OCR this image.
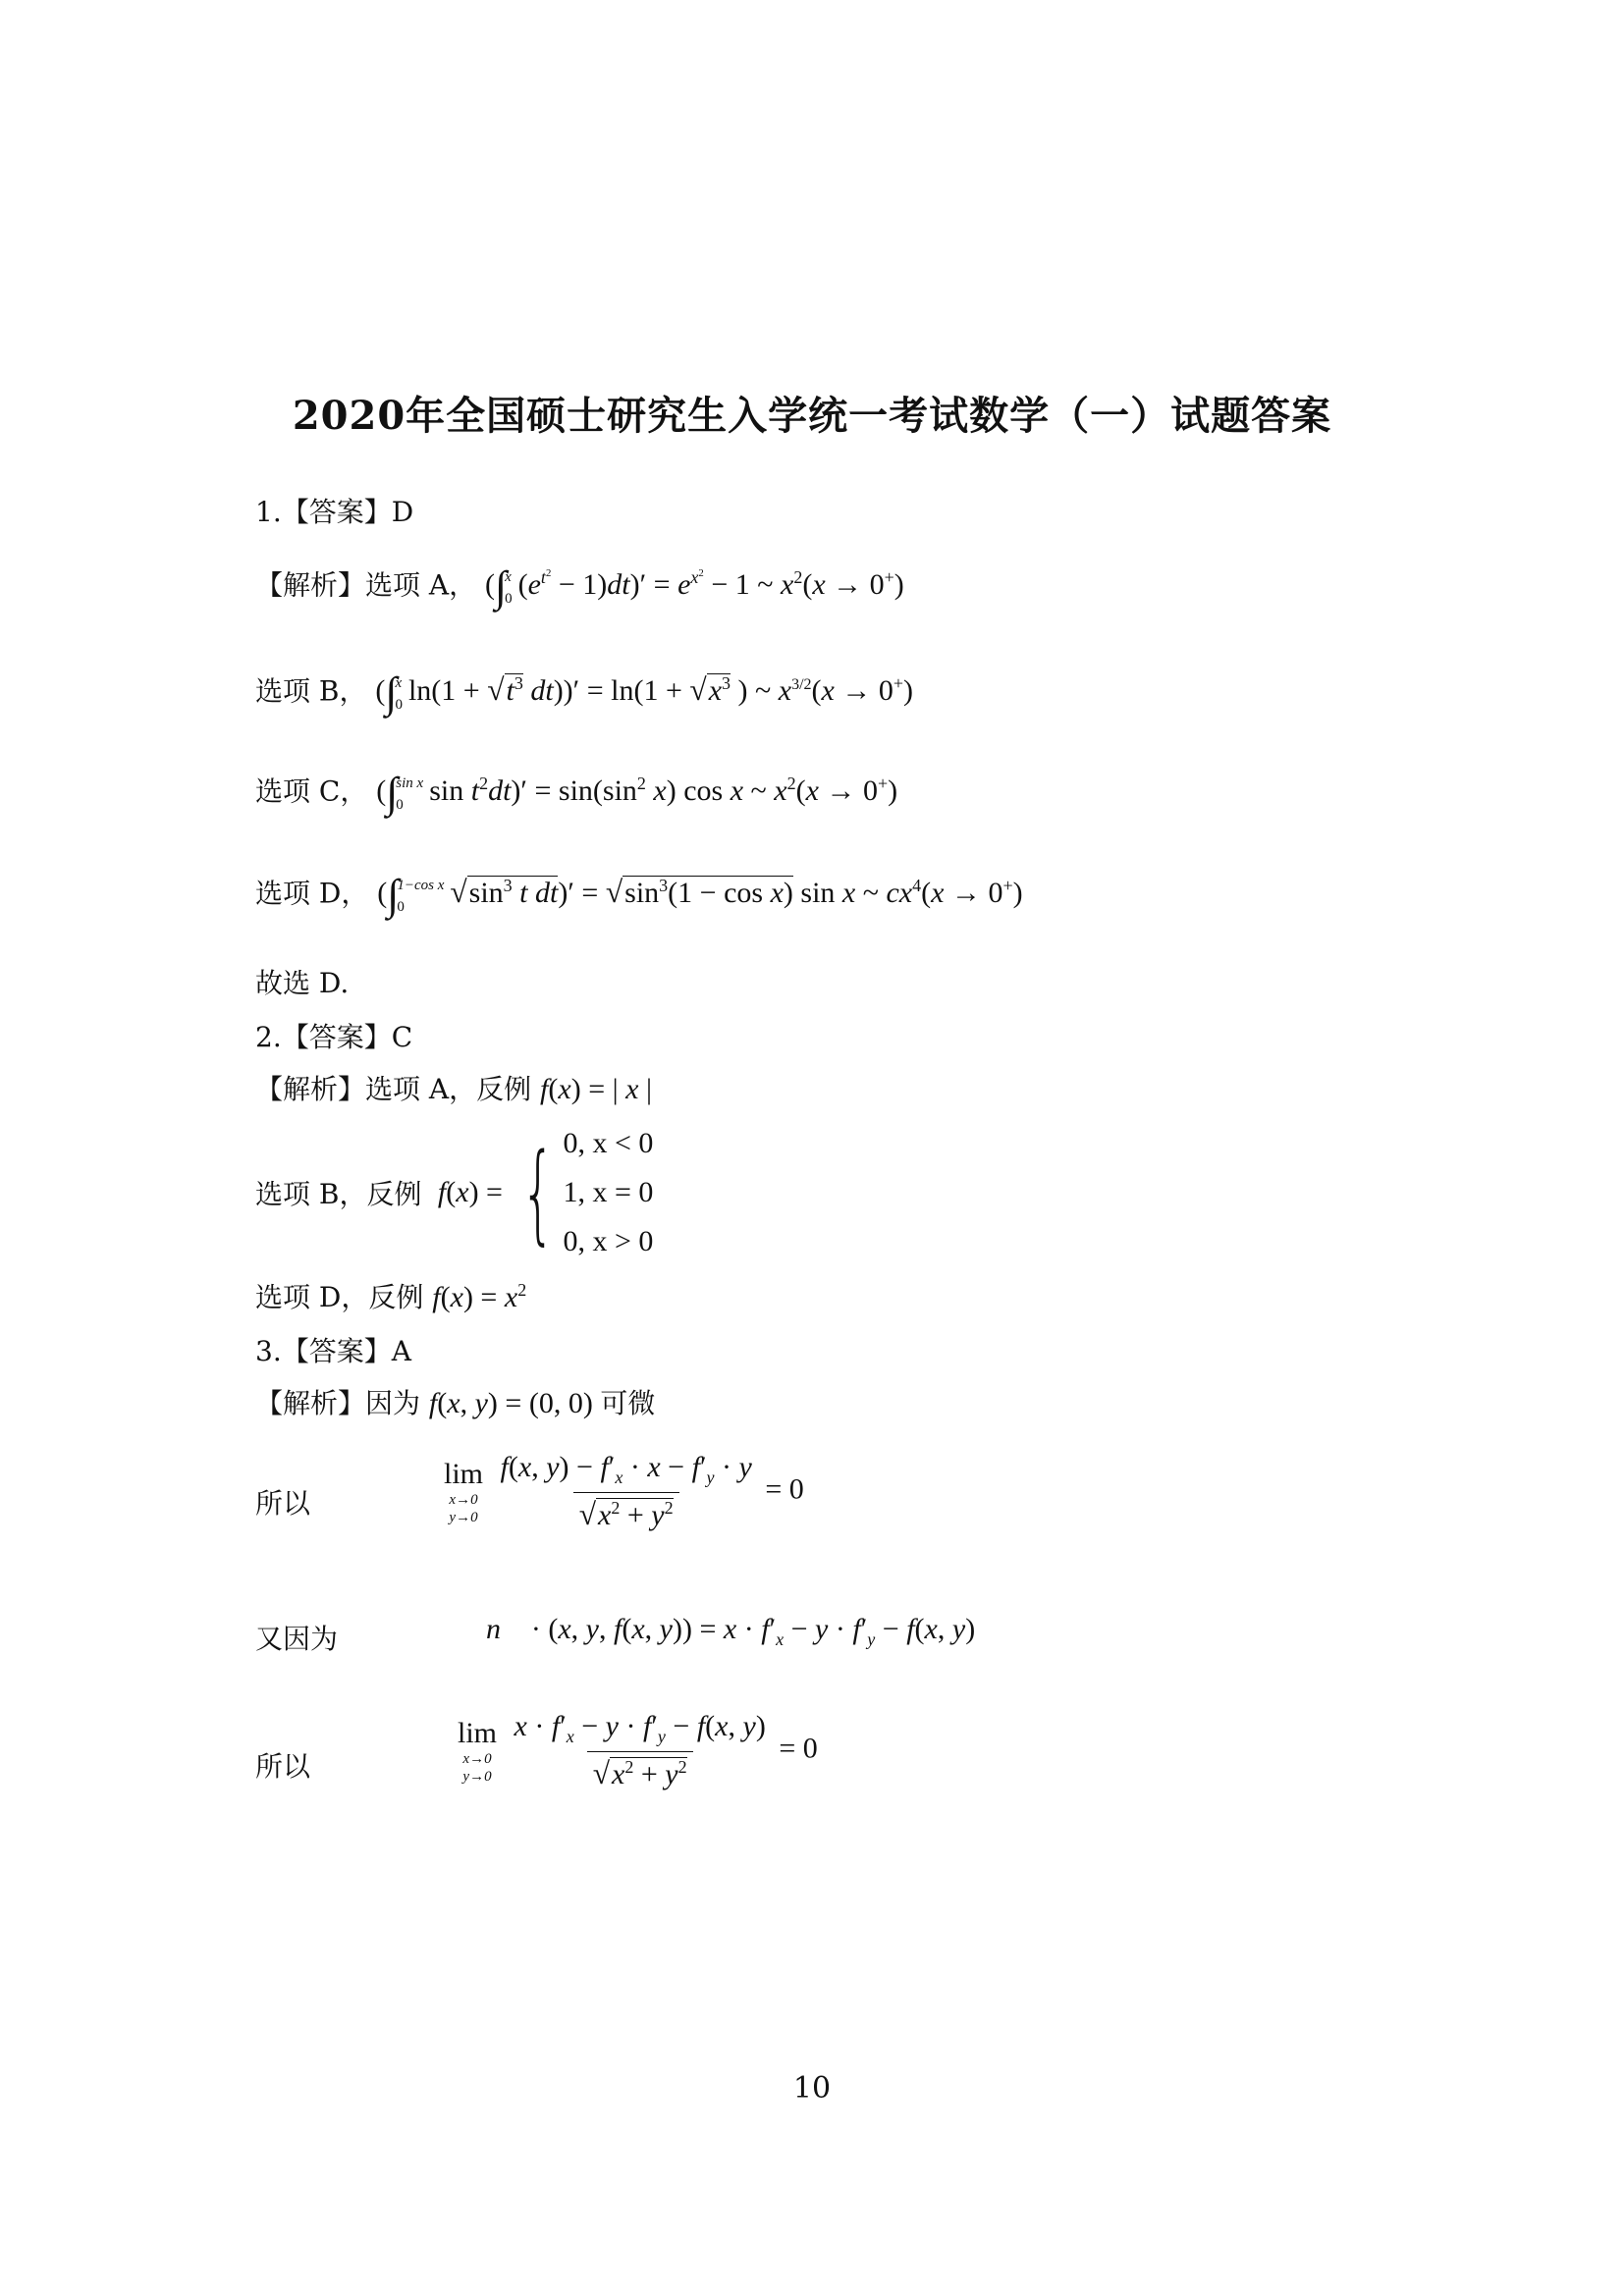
2020年全国硕士研究生入学统一考试数学（一）试题答案
1.【答案】D
【解析】选项 A， (∫
x
0 $(e^{t^2} - 1)dt)' = e^{x^2} - 1$ ~ $x^2(x \to 0^+)$
选项 B， (∫
x
0 $\ln(1 + √t^3$ $dt))' = \ln(1 + √x^3$ ) ~ $x^{3/2}(x \to 0^+)$
选项 C， (∫
sin x
0 $\sin t^2dt)' = \sin(\sin^2$ x) cos x ~ $x^2(x \to 0^+)$
选项 D， (∫
1−cos x
0	$√\sin^3$ t $dt)' = √\sin^3(1 - \cos x)$ sin x ~ $cx^4(x \to 0^+)$
故选 D.
2.【答案】C
【解析】选项 A，反例 f(x) = | x |
选项 B，反例 f ( x ) = { 0, x < 0
1, x = 0
0, x > 0
选项 D，反例 $f(x) = x^2$
3.【答案】A
【解析】因为 f(x, y) = (0, 0) 可微
所以
lim
x→0
y→0
$\frac{f(x, y) - f'_x \cdot x - f'_y \cdot y}{√x^2 + y^2} = 0$
又因为	n⃗ · (x, y, f(x, $y)) = x \cdot f'_x - y \cdot f'_y - f(x$, y)
所以
lim
x→0
y→0
$\frac{x \cdot f'_x - y \cdot f'_y - f(x, y)}{√x^2 + y^2} = 0$
10
